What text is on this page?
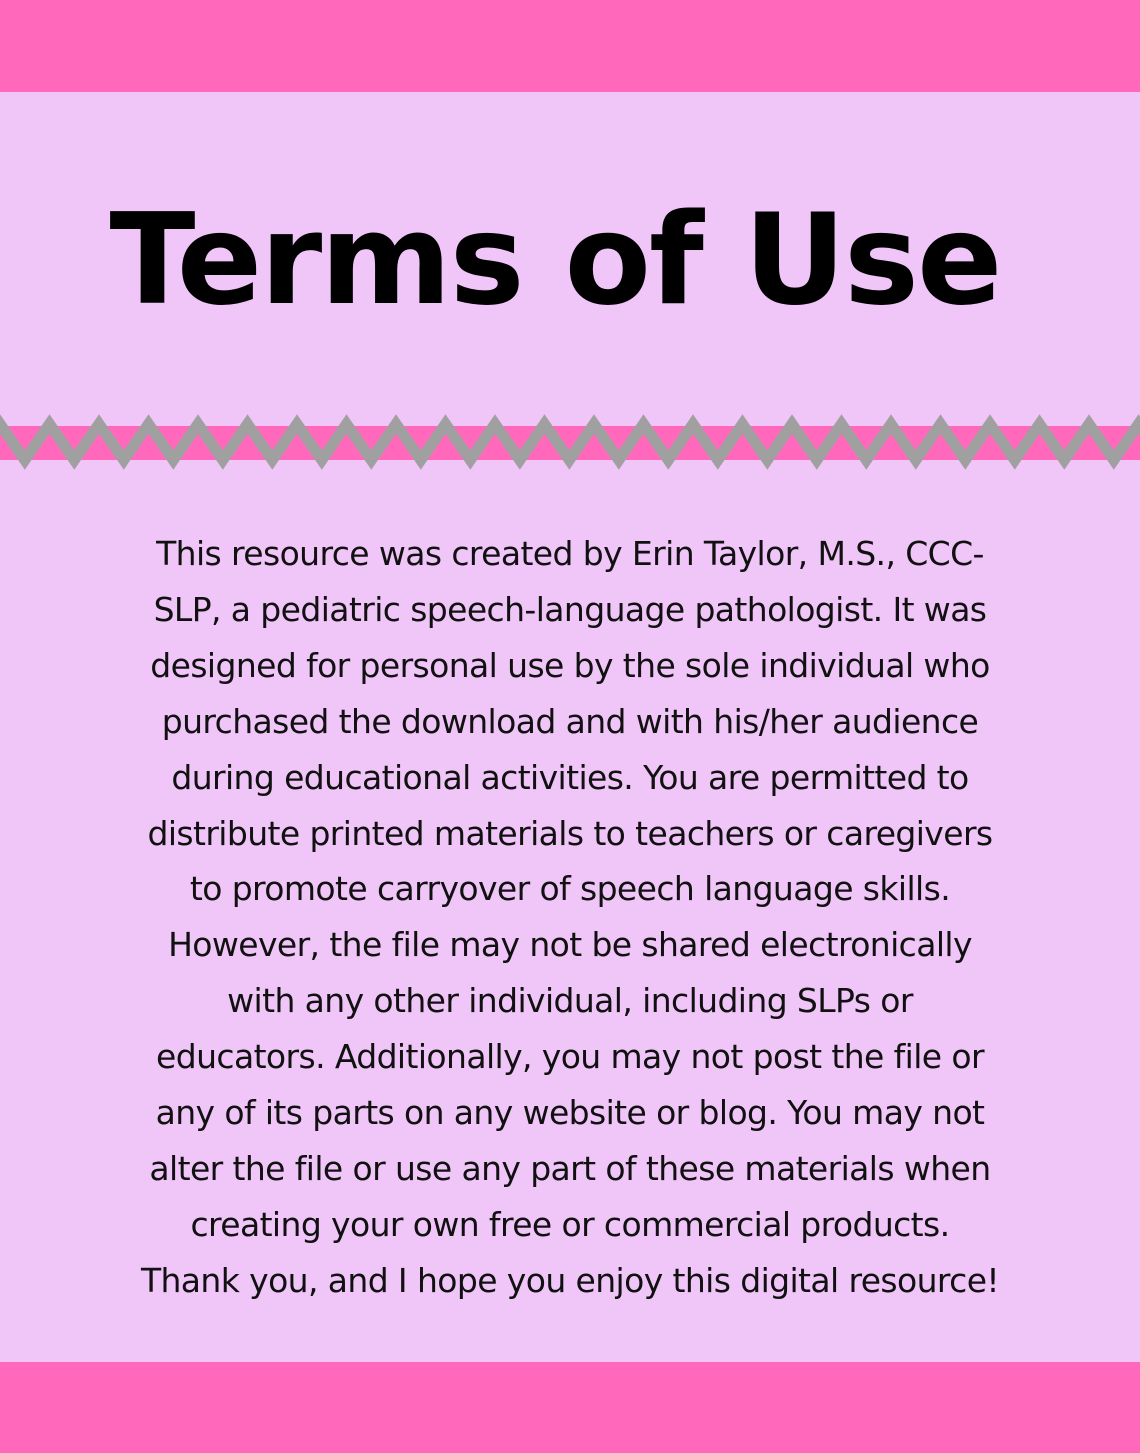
Terms of Use
This resource was created by Erin Taylor, M.S., CCC-
SLP, a pediatric speech-language pathologist. It was
designed for personal use by the sole individual who
purchased the download and with his/her audience
during educational activities. You are permitted to
distribute printed materials to teachers or caregivers
to promote carryover of speech language skills.
However, the file may not be shared electronically
with any other individual, including SLPs or
educators. Additionally, you may not post the file or
any of its parts on any website or blog. You may not
alter the file or use any part of these materials when
creating your own free or commercial products.
Thank you, and I hope you enjoy this digital resource!
